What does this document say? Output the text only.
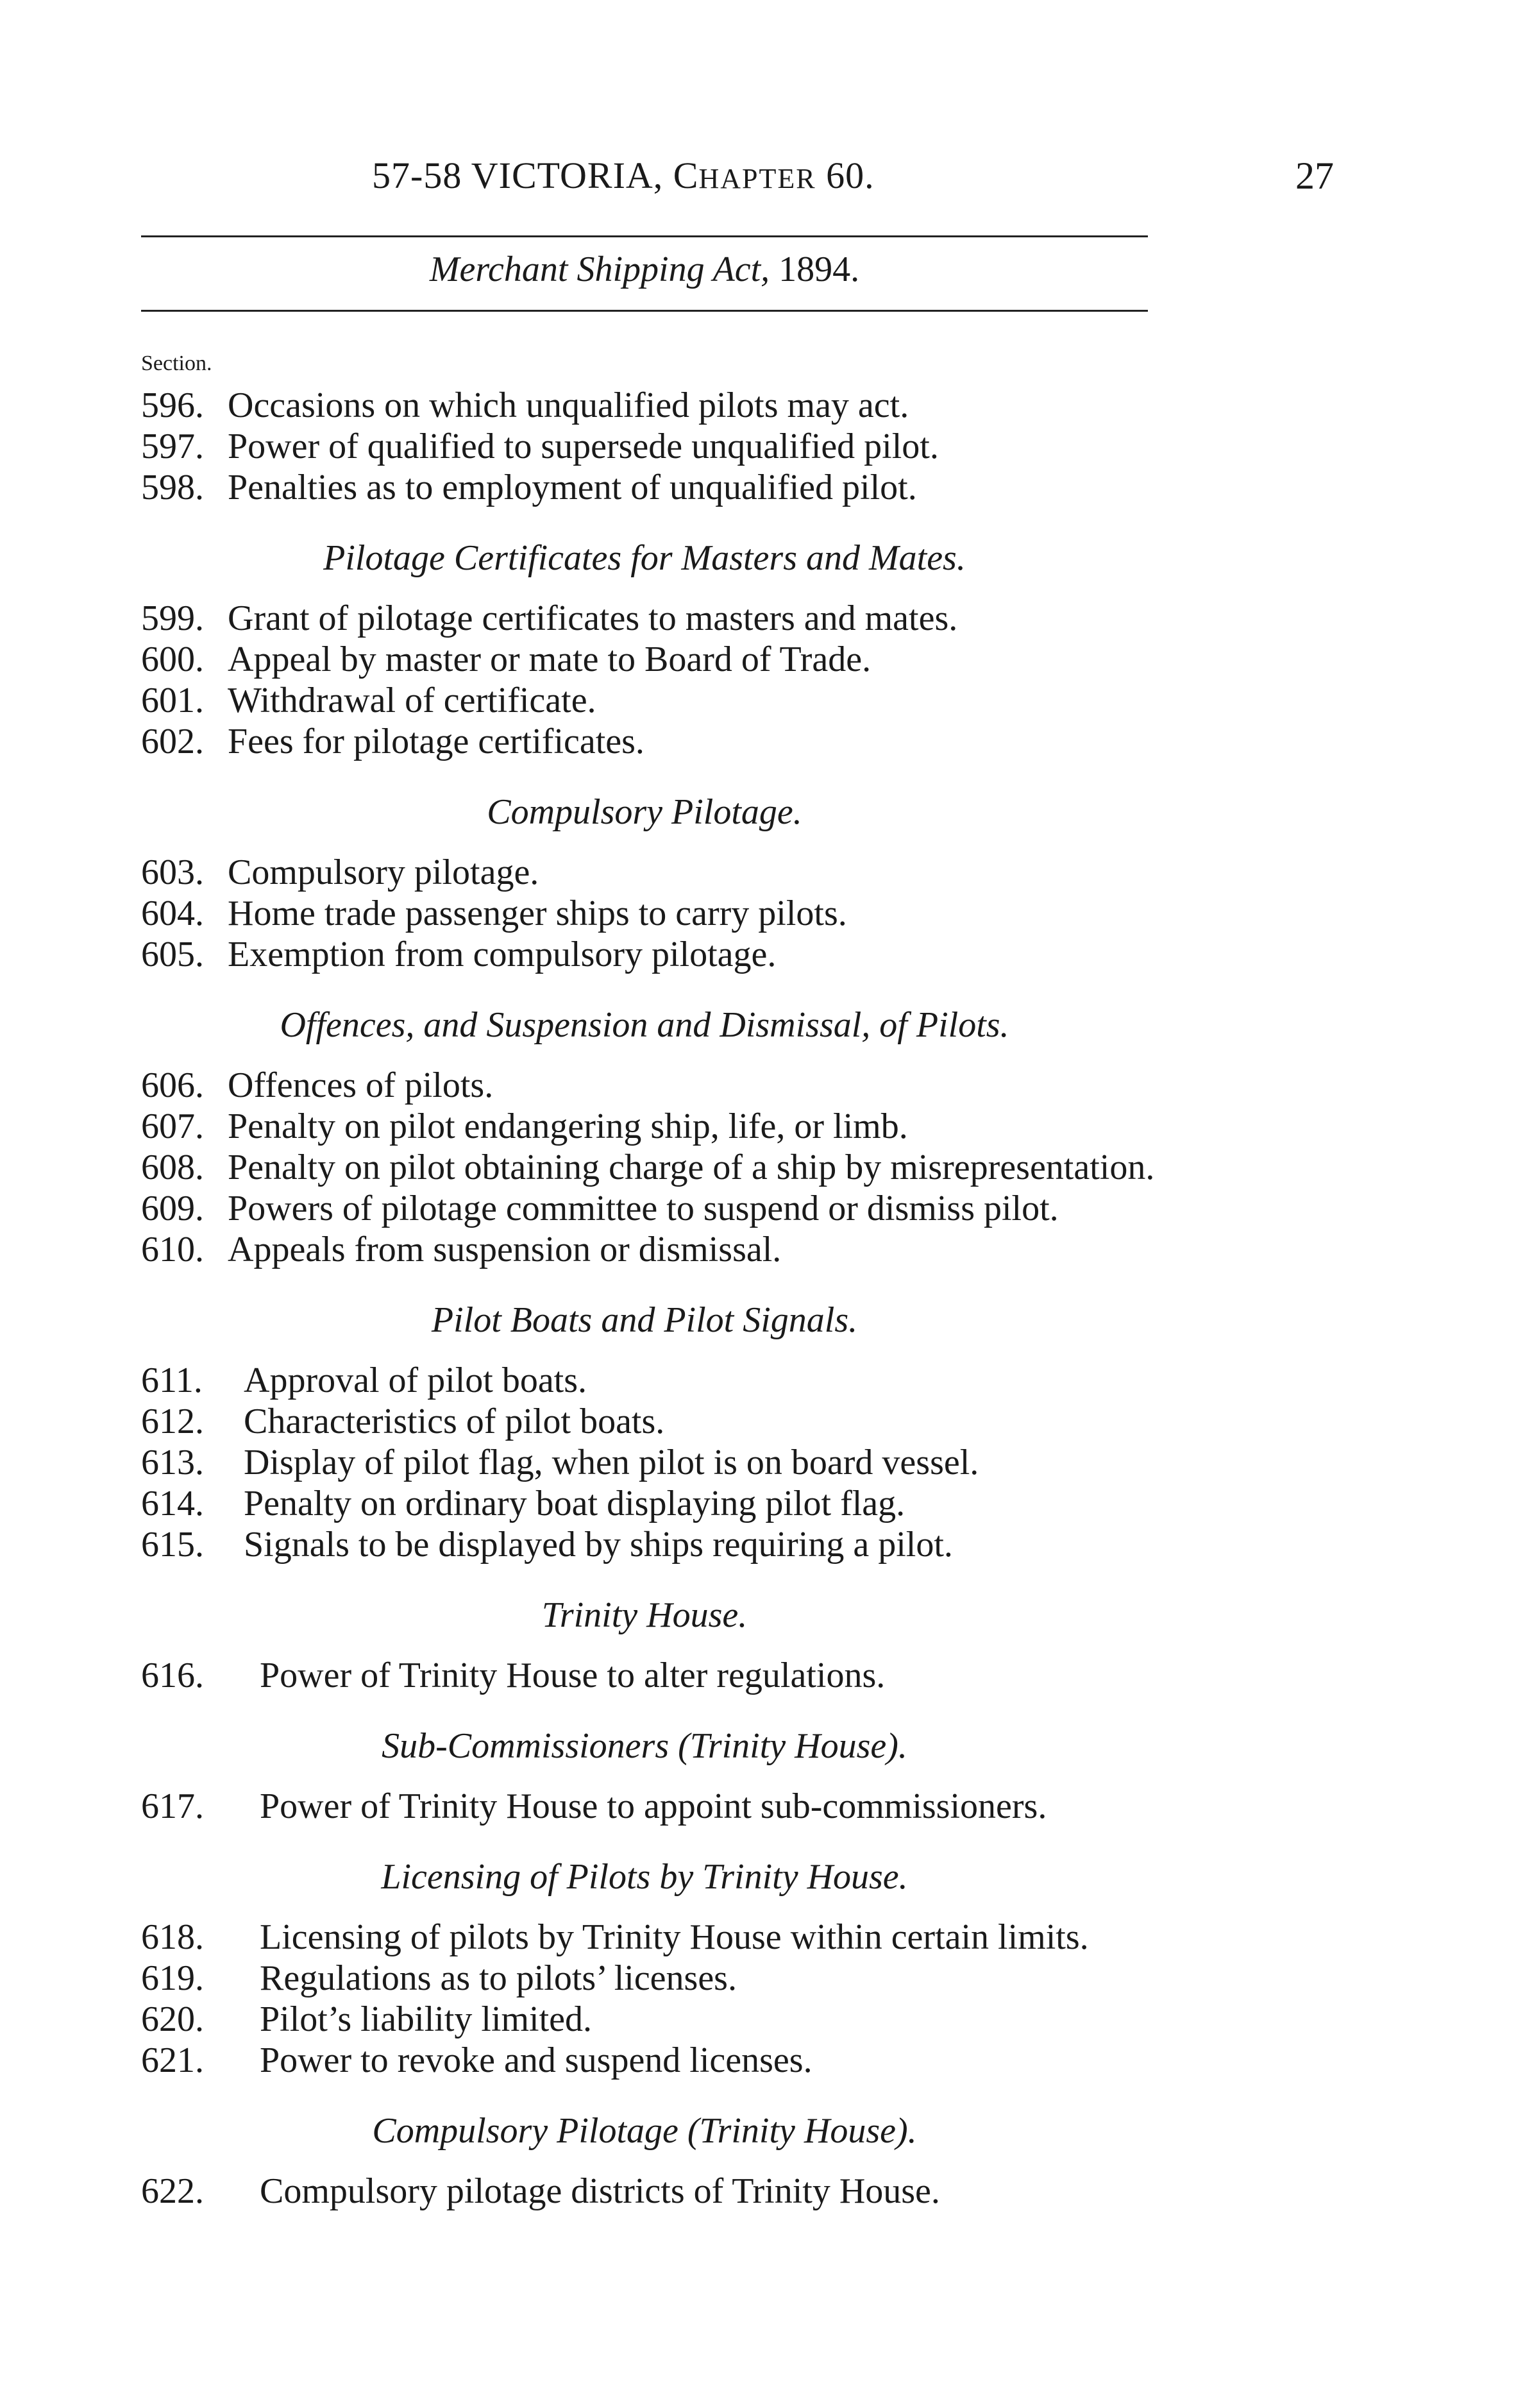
57-58 VICTORIA, CHAPTER 60.	27
Merchant Shipping Act, 1894.
Section.
596. Occasions on which unqualified pilots may act.
597. Power of qualified to supersede unqualified pilot.
598. Penalties as to employment of unqualified pilot.
Pilotage Certificates for Masters and Mates.
599. Grant of pilotage certificates to masters and mates.
600. Appeal by master or mate to Board of Trade.
601. Withdrawal of certificate.
602. Fees for pilotage certificates.
Compulsory Pilotage.
603. Compulsory pilotage.
604. Home trade passenger ships to carry pilots.
605. Exemption from compulsory pilotage.
Offences, and Suspension and Dismissal, of Pilots.
606. Offences of pilots.
607. Penalty on pilot endangering ship, life, or limb.
608. Penalty on pilot obtaining charge of a ship by misrepresentation.
609. Powers of pilotage committee to suspend or dismiss pilot.
610. Appeals from suspension or dismissal.
Pilot Boats and Pilot Signals.
611.	Approval of pilot boats.
612.	Characteristics of pilot boats.
613.	Display of pilot flag, when pilot is on board vessel.
614.	Penalty on ordinary boat displaying pilot flag.
615.	Signals to be displayed by ships requiring a pilot.
Trinity House.
616.	Power of Trinity House to alter regulations.
Sub-Commissioners (Trinity House).
617.	Power of Trinity House to appoint sub-commissioners.
Licensing of Pilots by Trinity House.
618.	Licensing of pilots by Trinity House within certain limits.
619.	Regulations as to pilots’ licenses.
620.	Pilot’s liability limited.
621.	Power to revoke and suspend licenses.
Compulsory Pilotage (Trinity House).
622.	Compulsory pilotage districts of Trinity House.
